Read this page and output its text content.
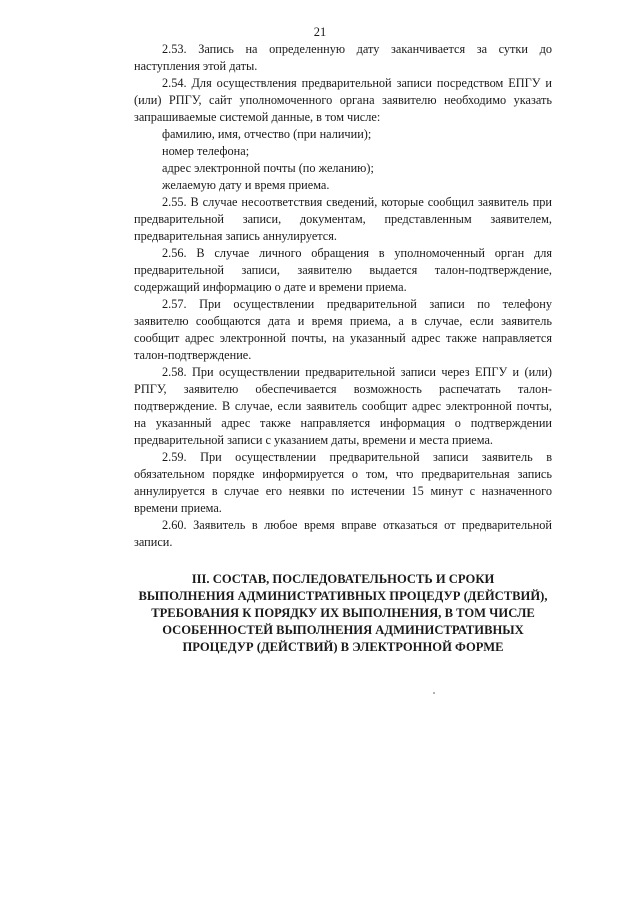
21

2.53. Запись на определенную дату заканчивается за сутки до наступления этой даты.

2.54. Для осуществления предварительной записи посредством ЕПГУ и (или) РПГУ, сайт уполномоченного органа заявителю необходимо указать запрашиваемые системой данные, в том числе:

фамилию, имя, отчество (при наличии);

номер телефона;

адрес электронной почты (по желанию);

желаемую дату и время приема.

2.55. В случае несоответствия сведений, которые сообщил заявитель при предварительной записи, документам, представленным заявителем, предварительная запись аннулируется.

2.56. В случае личного обращения в уполномоченный орган для предварительной записи, заявителю выдается талон-подтверждение, содержащий информацию о дате и времени приема.

2.57. При осуществлении предварительной записи по телефону заявителю сообщаются дата и время приема, а в случае, если заявитель сообщит адрес электронной почты, на указанный адрес также направляется талон-подтверждение.

2.58. При осуществлении предварительной записи через ЕПГУ и (или) РПГУ, заявителю обеспечивается возможность распечатать талон-подтверждение. В случае, если заявитель сообщит адрес электронной почты, на указанный адрес также направляется информация о подтверждении предварительной записи с указанием даты, времени и места приема.

2.59. При осуществлении предварительной записи заявитель в обязательном порядке информируется о том, что предварительная запись аннулируется в случае его неявки по истечении 15 минут с назначенного времени приема.

2.60. Заявитель в любое время вправе отказаться от предварительной записи.

III. СОСТАВ, ПОСЛЕДОВАТЕЛЬНОСТЬ И СРОКИ
ВЫПОЛНЕНИЯ АДМИНИСТРАТИВНЫХ ПРОЦЕДУР (ДЕЙСТВИЙ),
ТРЕБОВАНИЯ К ПОРЯДКУ ИХ ВЫПОЛНЕНИЯ, В ТОМ ЧИСЛЕ
ОСОБЕННОСТЕЙ ВЫПОЛНЕНИЯ АДМИНИСТРАТИВНЫХ
ПРОЦЕДУР (ДЕЙСТВИЙ) В ЭЛЕКТРОННОЙ ФОРМЕ
